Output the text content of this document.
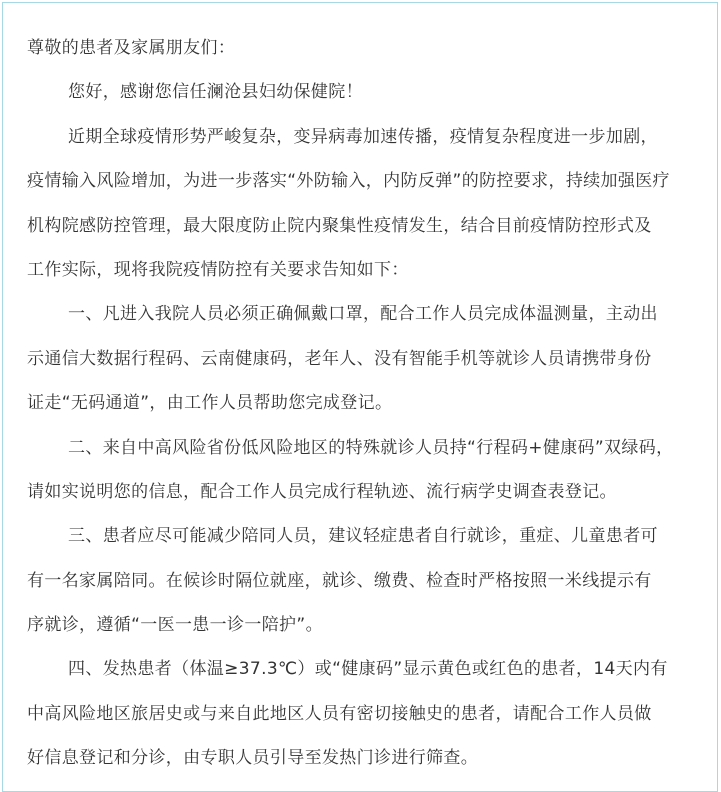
尊敬的患者及家属朋友们：

您好，感谢您信任澜沧县妇幼保健院！

近期全球疫情形势严峻复杂，变异病毒加速传播，疫情复杂程度进一步加剧，

疫情输入风险增加，为进一步落实“外防输入，内防反弹”的防控要求，持续加强医疗

机构院感防控管理，最大限度防止院内聚集性疫情发生，结合目前疫情防控形式及

工作实际，现将我院疫情防控有关要求告知如下：

一、凡进入我院人员必须正确佩戴口罩，配合工作人员完成体温测量，主动出

示通信大数据行程码、云南健康码，老年人、没有智能手机等就诊人员请携带身份

证走“无码通道”，由工作人员帮助您完成登记。

二、来自中高风险省份低风险地区的特殊就诊人员持“行程码+健康码”双绿码，

请如实说明您的信息，配合工作人员完成行程轨迹、流行病学史调查表登记。

三、患者应尽可能减少陪同人员，建议轻症患者自行就诊，重症、儿童患者可

有一名家属陪同。在候诊时隔位就座，就诊、缴费、检查时严格按照一米线提示有

序就诊，遵循“一医一患一诊一陪护”。

四、发热患者（体温≥37.3℃）或“健康码”显示黄色或红色的患者，14天内有

中高风险地区旅居史或与来自此地区人员有密切接触史的患者，请配合工作人员做

好信息登记和分诊，由专职人员引导至发热门诊进行筛查。
